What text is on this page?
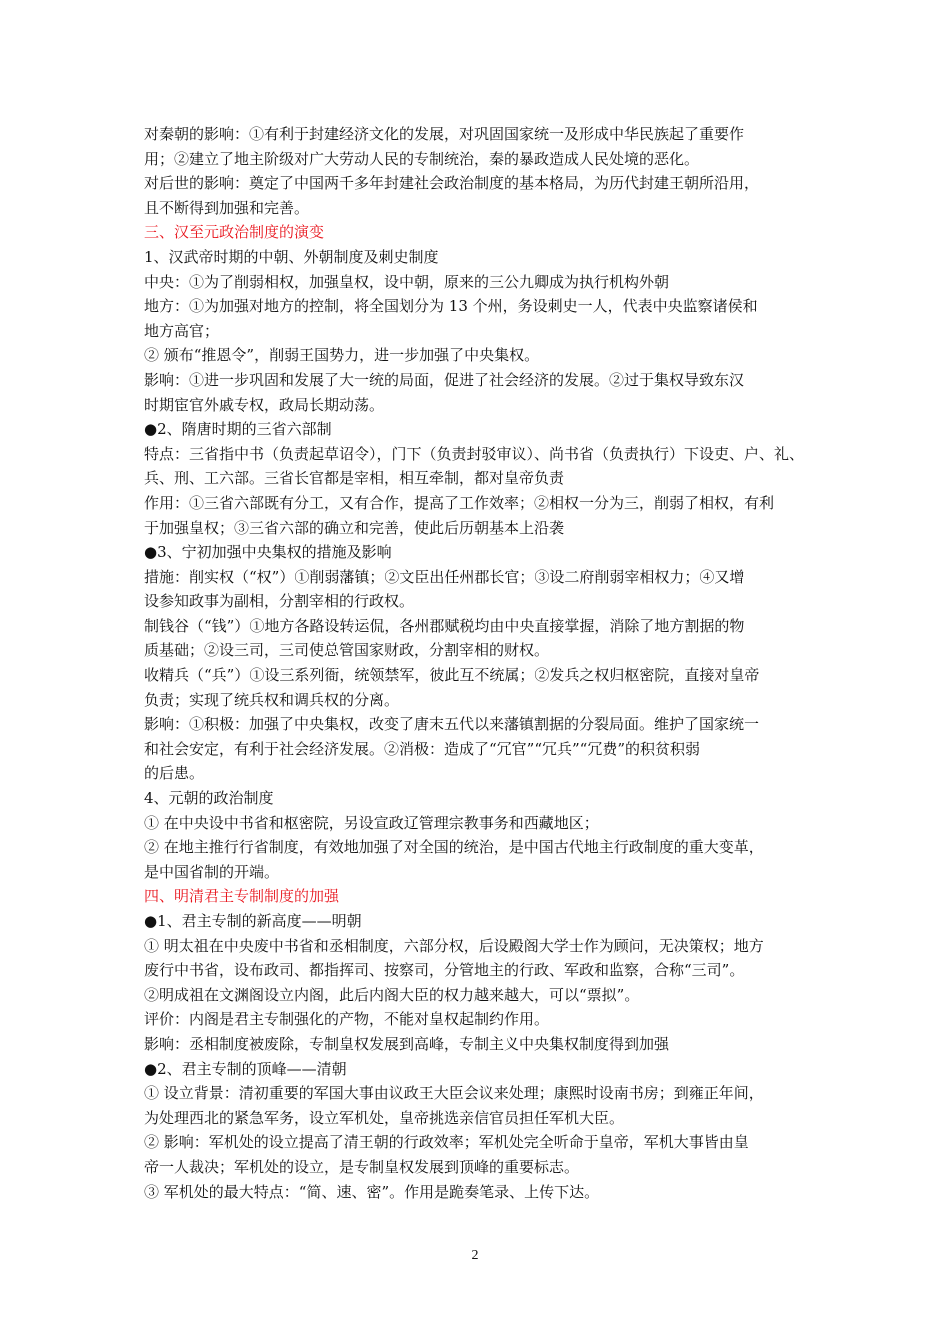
对秦朝的影响：①有利于封建经济文化的发展，对巩固国家统一及形成中华民族起了重要作
用；②建立了地主阶级对广大劳动人民的专制统治，秦的暴政造成人民处境的恶化。
对后世的影响：奠定了中国两千多年封建社会政治制度的基本格局，为历代封建王朝所沿用，
且不断得到加强和完善。
三、汉至元政治制度的演变
1、汉武帝时期的中朝、外朝制度及刺史制度
中央：①为了削弱相权，加强皇权，设中朝，原来的三公九卿成为执行机构外朝
地方：①为加强对地方的控制，将全国划分为 13 个州，务设刺史一人，代表中央监察诸侯和
地方高官；
② 颁布“推恩令”，削弱王国势力，进一步加强了中央集权。
影响：①进一步巩固和发展了大一统的局面，促进了社会经济的发展。②过于集权导致东汉
时期宦官外戚专权，政局长期动荡。
●2、隋唐时期的三省六部制
特点：三省指中书（负责起草诏令），门下（负责封驳审议）、尚书省（负责执行）下设吏、户、礼、
兵、刑、工六部。三省长官都是宰相，相互牵制，都对皇帝负责
作用：①三省六部既有分工，又有合作，提高了工作效率；②相权一分为三，削弱了相权，有利
于加强皇权；③三省六部的确立和完善，使此后历朝基本上沿袭
●3、宁初加强中央集权的措施及影响
措施：削实权（“权”）①削弱藩镇；②文臣出任州郡长官；③设二府削弱宰相权力；④又增
设参知政事为副相，分割宰相的行政权。
制钱谷（“钱”）①地方各路设转运侃，各州郡赋税均由中央直接掌握，消除了地方割据的物
质基础；②设三司，三司使总管国家财政，分割宰相的财权。
收精兵（“兵”）①设三系列衙，统领禁军，彼此互不统属；②发兵之权归枢密院，直接对皇帝
负责；实现了统兵权和调兵权的分离。
影响：①积极：加强了中央集权，改变了唐末五代以来藩镇割据的分裂局面。维护了国家统一
和社会安定，有利于社会经济发展。②消极：造成了“冗官”“冗兵”“冗费”的积贫积弱
的后患。
4、元朝的政治制度
① 在中央设中书省和枢密院，另设宣政辽管理宗教事务和西藏地区；
② 在地主推行行省制度，有效地加强了对全国的统治，是中国古代地主行政制度的重大变革，
是中国省制的开端。
四、明清君主专制制度的加强
●1、君主专制的新高度——明朝
① 明太祖在中央废中书省和丞相制度，六部分权，后设殿阁大学士作为顾问，无决策权；地方
废行中书省，设布政司、都指挥司、按察司，分管地主的行政、军政和监察，合称“三司”。
②明成祖在文渊阁设立内阁，此后内阁大臣的权力越来越大，可以“票拟”。
评价：内阁是君主专制强化的产物，不能对皇权起制约作用。
影响：丞相制度被废除，专制皇权发展到高峰，专制主义中央集权制度得到加强
●2、君主专制的顶峰——清朝
① 设立背景：清初重要的军国大事由议政王大臣会议来处理；康熙时设南书房；到雍正年间，
为处理西北的紧急军务，设立军机处，皇帝挑选亲信官员担任军机大臣。
② 影响：军机处的设立提高了清王朝的行政效率；军机处完全听命于皇帝，军机大事皆由皇
帝一人裁决；军机处的设立，是专制皇权发展到顶峰的重要标志。
③ 军机处的最大特点：“简、速、密”。作用是跪奏笔录、上传下达。
2
